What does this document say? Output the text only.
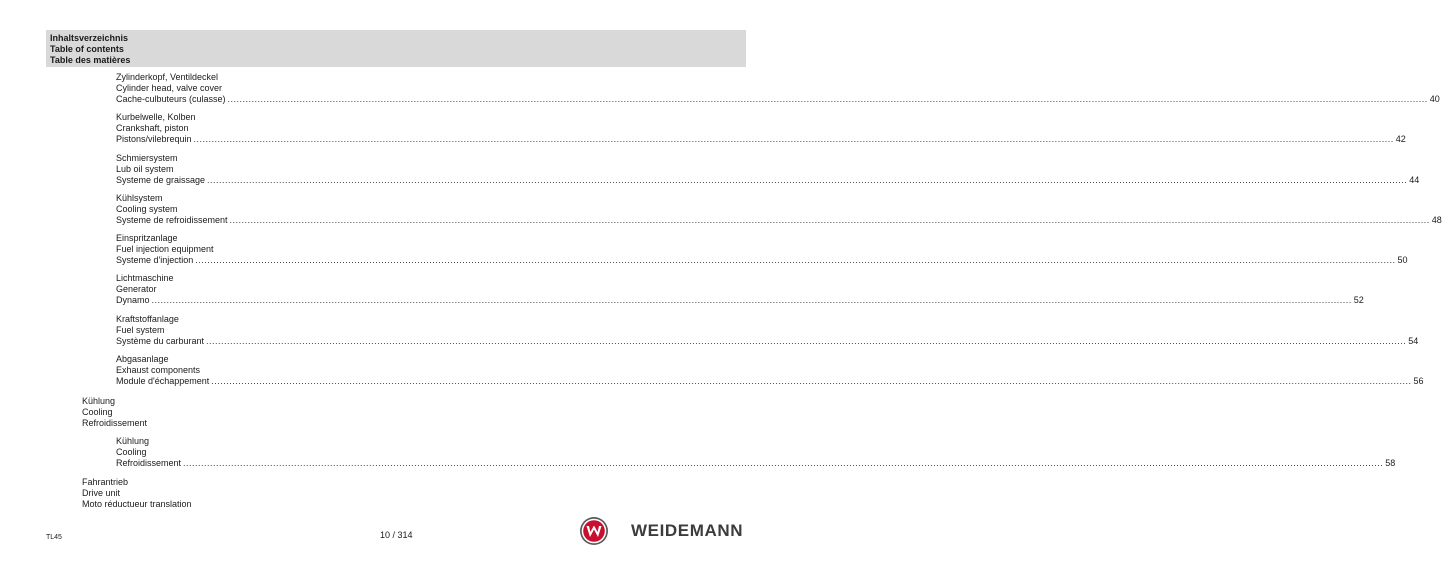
Inhaltsverzeichnis
Table of contents
Table des matières
Zylinderkopf, Ventildeckel
Cylinder head, valve cover
Cache-culbuteurs (culasse) ................................................................................................................................................................................................................................................................................................................................................................................................................ 40
Kurbelwelle, Kolben
Crankshaft, piston
Pistons/vilebrequin ................................................................................................................................................................................................................................................................................................................................................................................................................ 42
Schmiersystem
Lub oil system
Systeme de graissage ................................................................................................................................................................................................................................................................................................................................................................................................................ 44
Kühlsystem
Cooling system
Systeme de refroidissement ................................................................................................................................................................................................................................................................................................................................................................................................................ 48
Einspritzanlage
Fuel injection equipment
Systeme d'injection ................................................................................................................................................................................................................................................................................................................................................................................................................ 50
Lichtmaschine
Generator
Dynamo ................................................................................................................................................................................................................................................................................................................................................................................................................ 52
Kraftstoffanlage
Fuel system
Système du carburant ................................................................................................................................................................................................................................................................................................................................................................................................................ 54
Abgasanlage
Exhaust components
Module d'échappement ................................................................................................................................................................................................................................................................................................................................................................................................................ 56
Kühlung
Cooling
Refroidissement
Kühlung
Cooling
Refroidissement ................................................................................................................................................................................................................................................................................................................................................................................................................ 58
Fahrantrieb
Drive unit
Moto réductueur translation
TL45	10 / 314	WEIDEMANN
